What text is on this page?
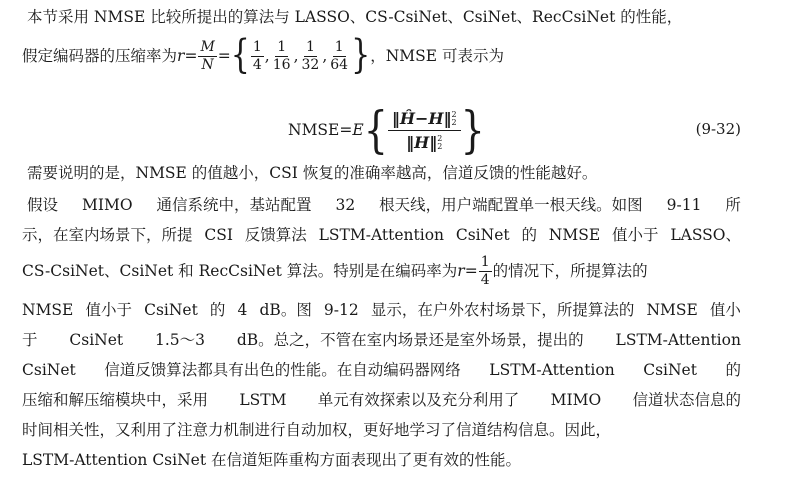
本节采用 NMSE 比较所提出的算法与 LASSO、CS-CsiNet、CsiNet、RecCsiNet 的性能，
假定编码器的压缩率为 $r = \frac{M}{N}$ = { $\frac{1}{4}$ , $\frac{1}{16}$ , $\frac{1}{32}$ , $\frac{1}{64}$ } ，NMSE 可表示为
NMSE= E { ‖Ĥ−H‖ 2
2
‖H‖ 2
2 }	(9-32)
需要说明的是，NMSE 的值越小，CSI 恢复的准确率越高，信道反馈的性能越好。
假设 MIMO 通信系统中，基站配置 32 根天线，用户端配置单一根天线。如图 9-11 所
示，在室内场景下，所提 CSI 反馈算法 LSTM-Attention CsiNet 的 NMSE 值小于 LASSO、
CS-CsiNet、CsiNet 和 RecCsiNet 算法。特别是在编码率为 $r = \frac{1}{4}$ 的情况下，所提算法的
NMSE 值小于 CsiNet 的 4 dB。图 9-12 显示，在户外农村场景下，所提算法的 NMSE 值小
于 CsiNet 1.5～3 dB。总之，不管在室内场景还是室外场景，提出的 LSTM-Attention
CsiNet 信道反馈算法都具有出色的性能。在自动编码器网络 LSTM-Attention CsiNet 的
压缩和解压缩模块中，采用 LSTM 单元有效探索以及充分利用了 MIMO 信道状态信息的
时间相关性，又利用了注意力机制进行自动加权，更好地学习了信道结构信息。因此，
LSTM-Attention CsiNet 在信道矩阵重构方面表现出了更有效的性能。
